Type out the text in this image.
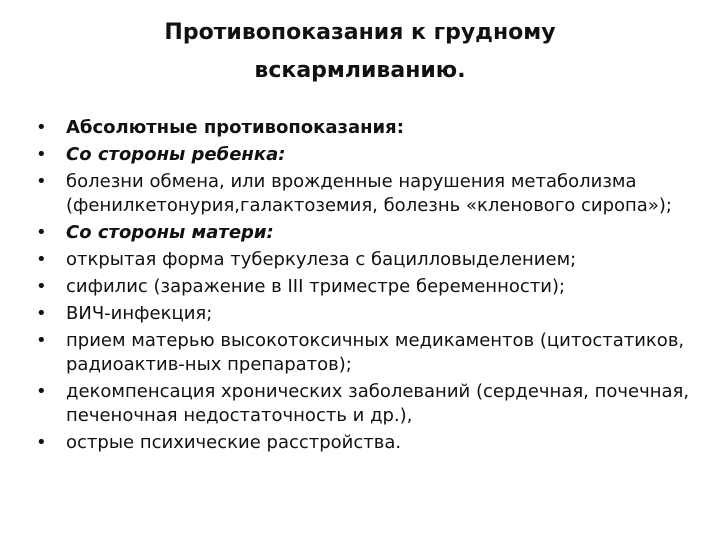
Противопоказания к грудному
вскармливанию.
•	Абсолютные противопоказания:
•	Со стороны ребенка:
•	болезни обмена, или врожденные нарушения метаболизма (фенилкетонурия,галактоземия, болезнь «кленового сиропа»);
•	Со стороны матери:
•	открытая форма туберкулеза с бацилловыделением;
•	сифилис (заражение в III триместре беременности);
•	ВИЧ-инфекция;
•	прием матерью высокотоксичных медикаментов (цитостатиков, радиоактив-ных препаратов);
•	декомпенсация хронических заболеваний (сердечная, почечная, печеночная недостаточность и др.),
•	острые психические расстройства.
